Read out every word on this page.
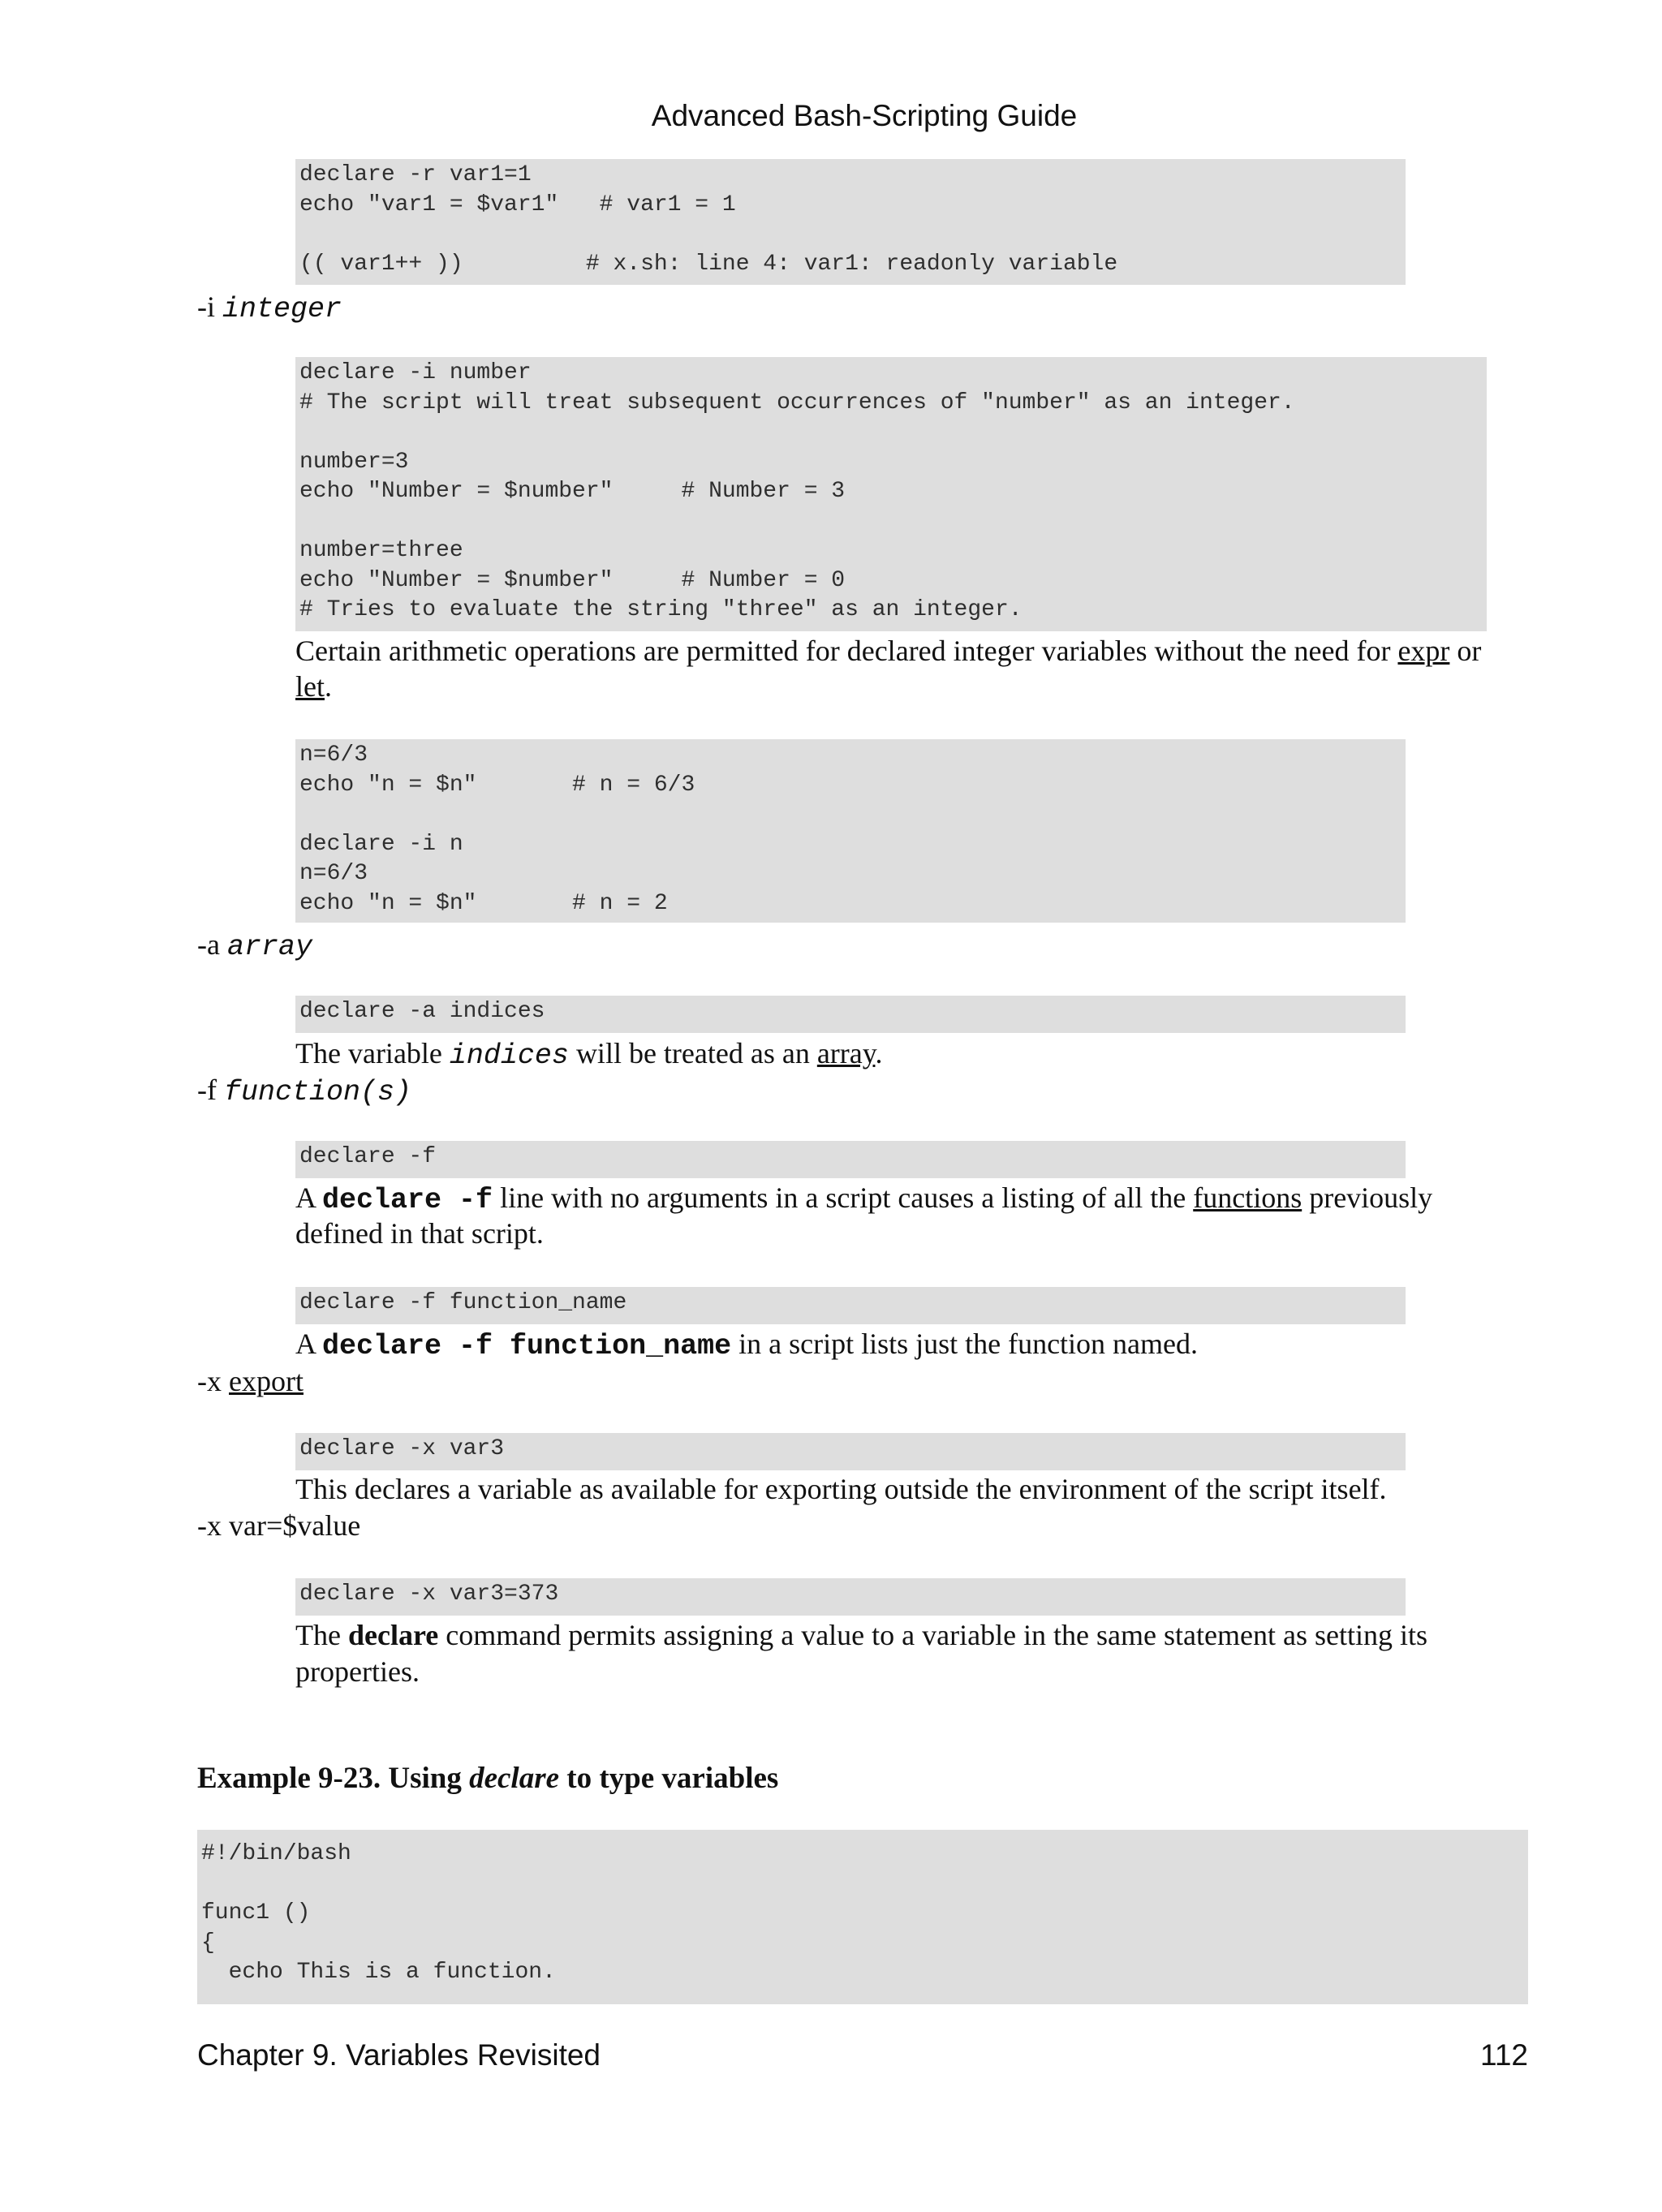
Advanced Bash-Scripting Guide
declare -r var1=1
echo "var1 = $var1"   # var1 = 1

(( var1++ ))         # x.sh: line 4: var1: readonly variable
-i integer
declare -i number
# The script will treat subsequent occurrences of "number" as an integer.

number=3
echo "Number = $number"     # Number = 3

number=three
echo "Number = $number"     # Number = 0
# Tries to evaluate the string "three" as an integer.
Certain arithmetic operations are permitted for declared integer variables without the need for expr or
let.
n=6/3
echo "n = $n"       # n = 6/3

declare -i n
n=6/3
echo "n = $n"       # n = 2
-a array
declare -a indices
The variable indices will be treated as an array.
-f function(s)
declare -f
A declare -f line with no arguments in a script causes a listing of all the functions previously
defined in that script.
declare -f function_name
A declare -f function_name in a script lists just the function named.
-x export
declare -x var3
This declares a variable as available for exporting outside the environment of the script itself.
-x var=$value
declare -x var3=373
The declare command permits assigning a value to a variable in the same statement as setting its
properties.
Example 9-23. Using declare to type variables
#!/bin/bash

func1 ()
{
echo This is a function.
Chapter 9. Variables Revisited	112
